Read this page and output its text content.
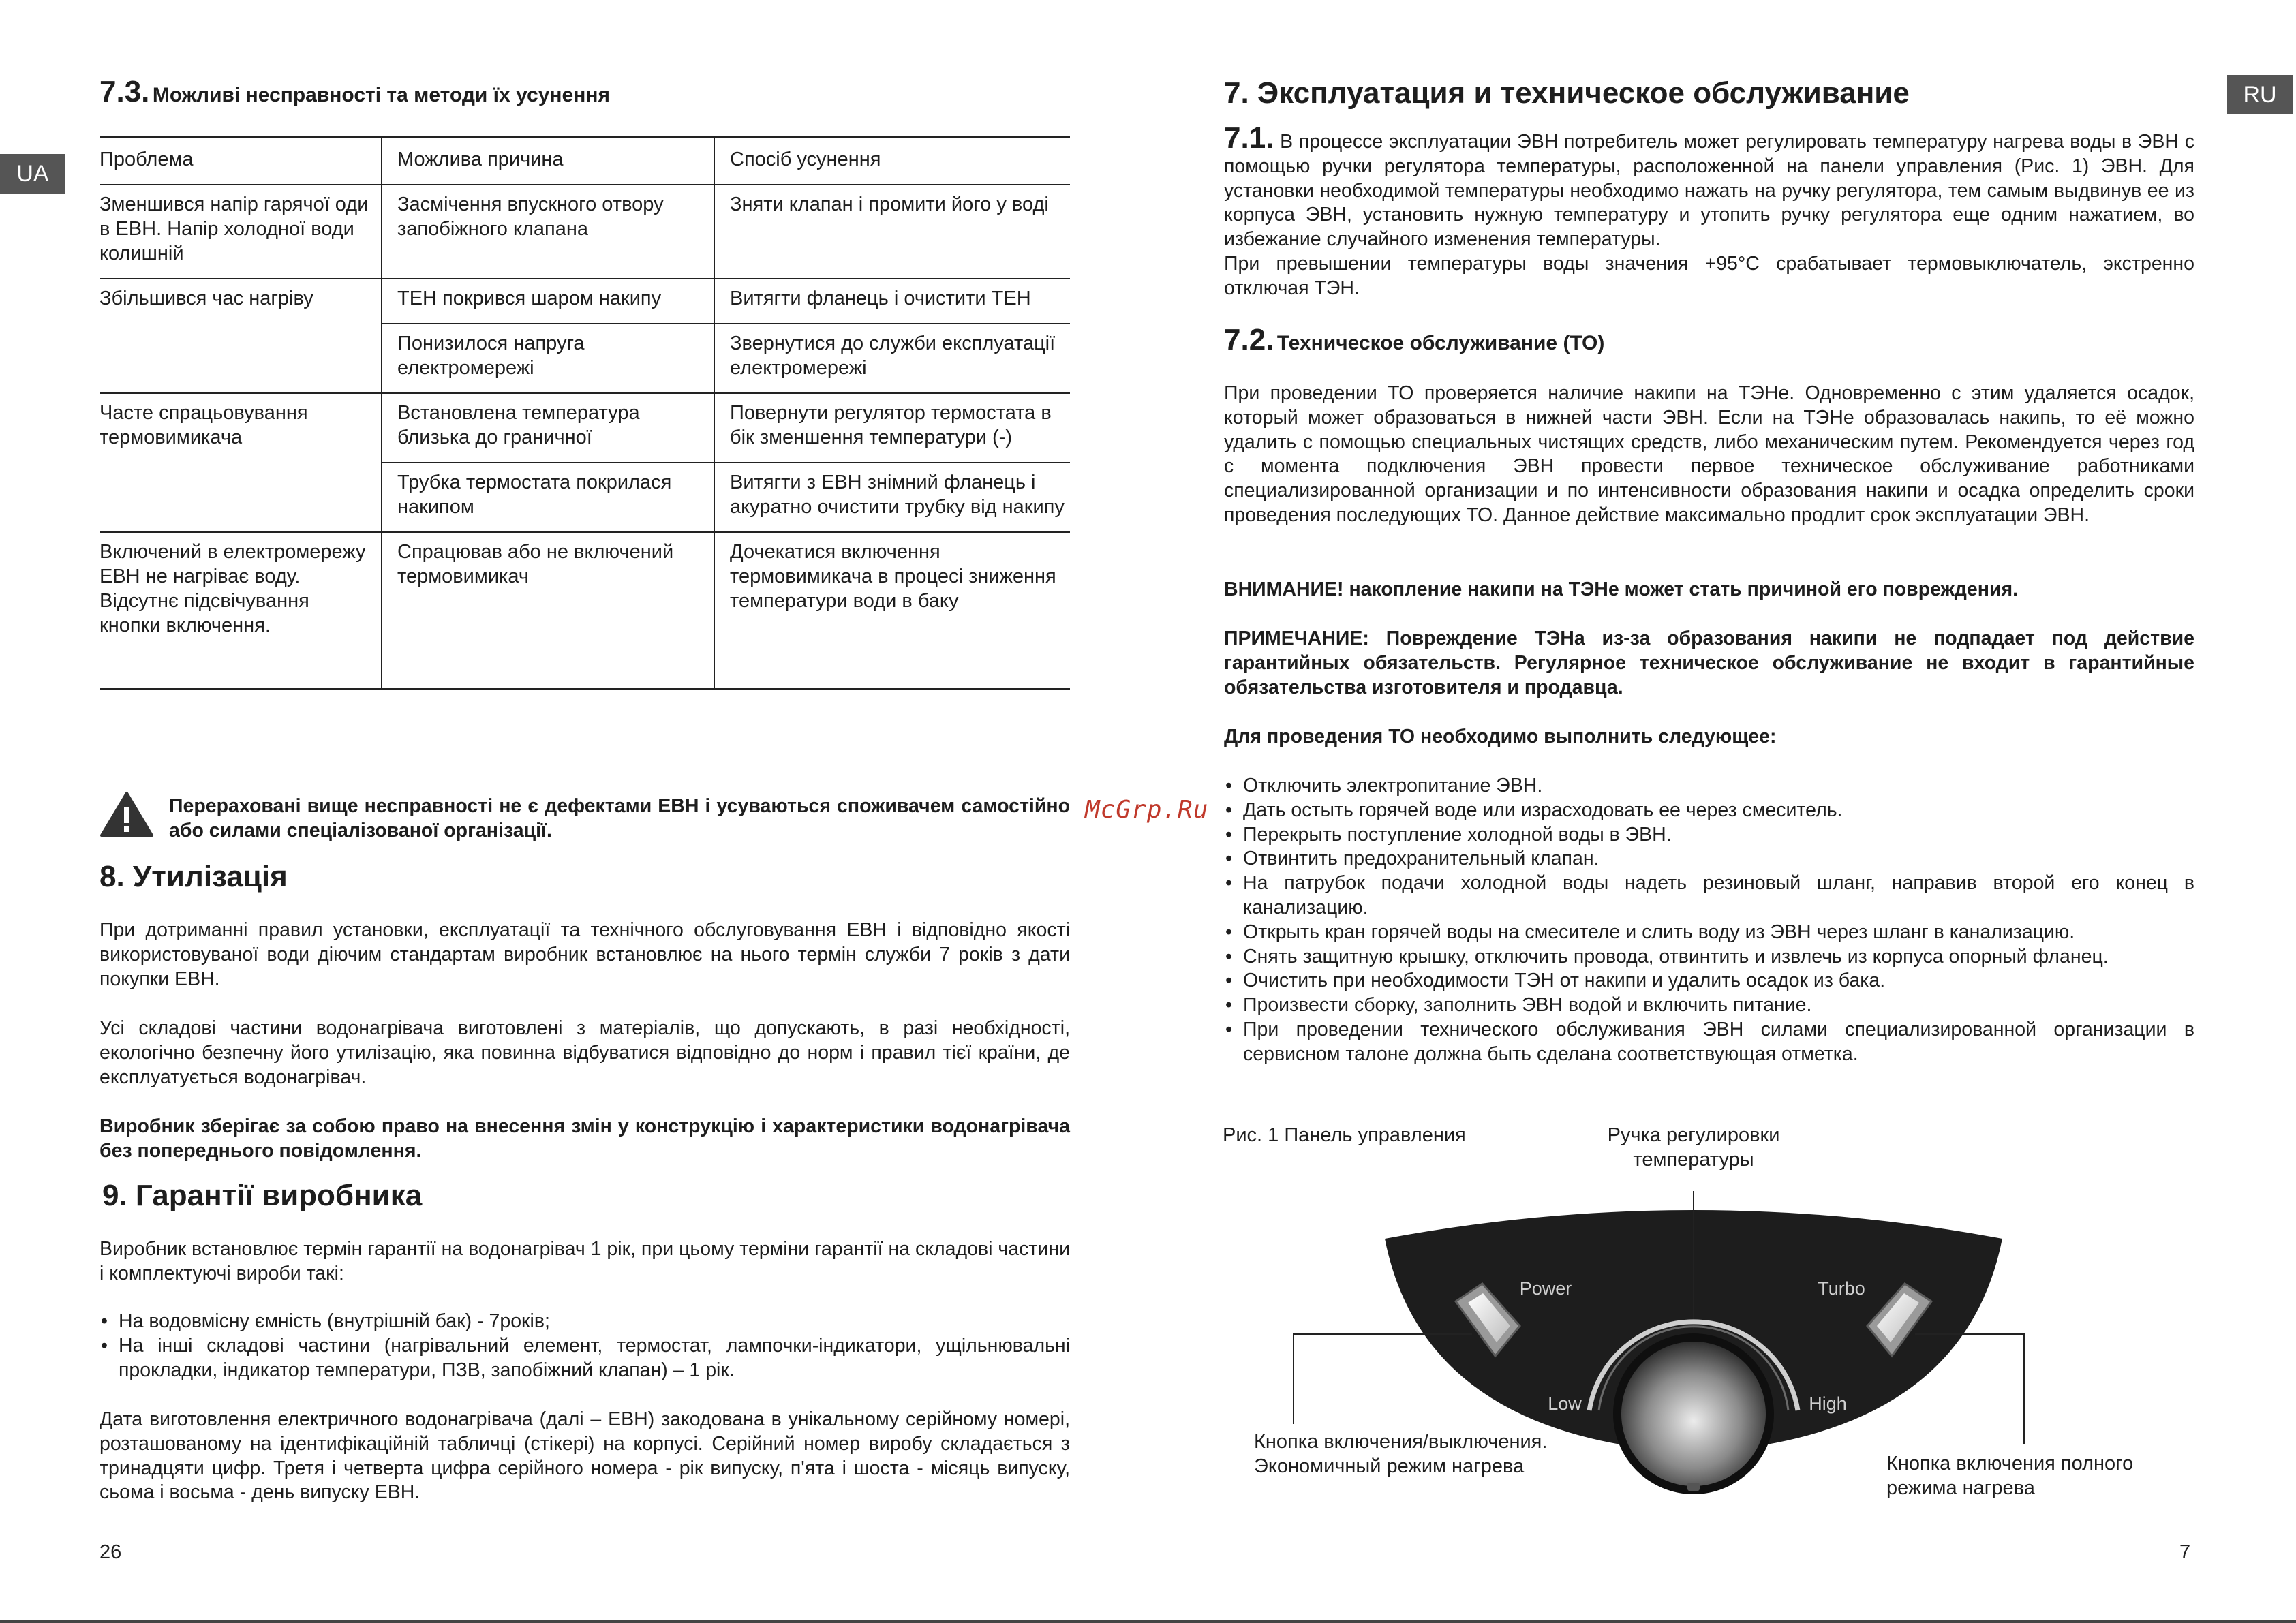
UA
7.3. Можливі несправності та методи їх усунення
Проблема	Можлива причина	Спосіб усунення
Зменшився напір гарячої оди в ЕВН. Напір холодної води колишній	Засмічення впускного отвору запобіжного клапана	Зняти клапан і промити його у воді
Збільшився час нагріву	ТЕН покрився шаром накипу	Витягти фланець і очистити ТЕН
	Понизилося напруга електромережі	Звернутися до служби експлуатації електромережі
Часте спрацьовування термовимикача	Встановлена температура близька до граничної	Повернути регулятор термостата в бік зменшення температури (-)
	Трубка термостата покрилася накипом	Витягти з ЕВН знімний фланець і акуратно очистити трубку від накипу
Включений в електромережу ЕВН не нагріває воду. Відсутнє підсвічування кнопки включення.	Спрацював або не включений термовимикач	Дочекатися включення термовимикача в процесі зниження температури води в баку
Перераховані вище несправності не є дефектами ЕВН і усуваються споживачем самостійно або силами спеціалізованої організації.
8. Утилізація
При дотриманні правил установки, експлуатації та технічного обслуговування ЕВН і відповідно якості використовуваної води діючим стандартам виробник встановлює на нього термін служби 7 років з дати покупки ЕВН.
Усі складові частини водонагрівача виготовлені з матеріалів, що допускають, в разі необхідності, екологічно безпечну його утилізацію, яка повинна відбуватися відповідно до норм і правил тієї країни, де експлуатується водонагрівач.
Виробник зберігає за собою право на внесення змін у конструкцію і характеристики водонагрівача без попереднього повідомлення.
9. Гарантії виробника
Виробник встановлює термін гарантії на водонагрівач 1 рік, при цьому терміни гарантії на складові частини і комплектуючі вироби такі:
• На водовмісну ємність (внутрішній бак) - 7років;
• На інші складові частини (нагрівальний елемент, термостат, лампочки-індикатори, ущільнювальні прокладки, індикатор температури, ПЗВ, запобіжний клапан) – 1 рік.
Дата виготовлення електричного водонагрівача (далі – ЕВН) закодована в унікальному серійному номері, розташованому на ідентифікаційній табличці (стікері) на корпусі. Серійний номер виробу складається з тринадцяти цифр. Третя і четверта цифра серійного номера - рік випуску, п'ята і шоста - місяць випуску, сьома і восьма - день випуску ЕВН.
26
McGrp.Ru
RU
7. Эксплуатация и техническое обслуживание
7.1. В процессе эксплуатации ЭВН потребитель может регулировать температуру нагрева воды в ЭВН с помощью ручки регулятора температуры, расположенной на панели управления (Рис. 1) ЭВН. Для установки необходимой температуры необходимо нажать на ручку регулятора, тем самым выдвинув ее из корпуса ЭВН, установить нужную температуру и утопить ручку регулятора еще одним нажатием, во избежание случайного изменения температуры.
При превышении температуры воды значения +95°С срабатывает термовыключатель, экстренно отключая ТЭН.
7.2. Техническое обслуживание (ТО)
При проведении ТО проверяется наличие накипи на ТЭНе. Одновременно с этим удаляется осадок, который может образоваться в нижней части ЭВН. Если на ТЭНе образовалась накипь, то её можно удалить с помощью специальных чистящих средств, либо механическим путем. Рекомендуется через год с момента подключения ЭВН провести первое техническое обслуживание работниками специализированной организации и по интенсивности образования накипи и осадка определить сроки проведения последующих ТО. Данное действие максимально продлит срок эксплуатации ЭВН.
ВНИМАНИЕ! накопление накипи на ТЭНе может стать причиной его повреждения.
ПРИМЕЧАНИЕ: Повреждение ТЭНа из-за образования накипи не подпадает под действие гарантийных обязательств. Регулярное техническое обслуживание не входит в гарантийные обязательства изготовителя и продавца.
Для проведения ТО необходимо выполнить следующее:
• Отключить электропитание ЭВН.
• Дать остыть горячей воде или израсходовать ее через смеситель.
• Перекрыть поступление холодной воды в ЭВН.
• Отвинтить предохранительный клапан.
• На патрубок подачи холодной воды надеть резиновый шланг, направив второй его конец в канализацию.
• Открыть кран горячей воды на смесителе и слить воду из ЭВН через шланг в канализацию.
• Снять защитную крышку, отключить провода, отвинтить и извлечь из корпуса опорный фланец.
• Очистить при необходимости ТЭН от накипи и удалить осадок из бака.
• Произвести сборку, заполнить ЭВН водой и включить питание.
• При проведении технического обслуживания ЭВН силами специализированной организации в сервисном талоне должна быть сделана соответствующая отметка.
Рис. 1 Панель управления	Ручка регулировки температуры
Кнопка включения/выключения. Экономичный режим нагрева	Кнопка включения полного режима нагрева
Power	Turbo
Low	High
7
